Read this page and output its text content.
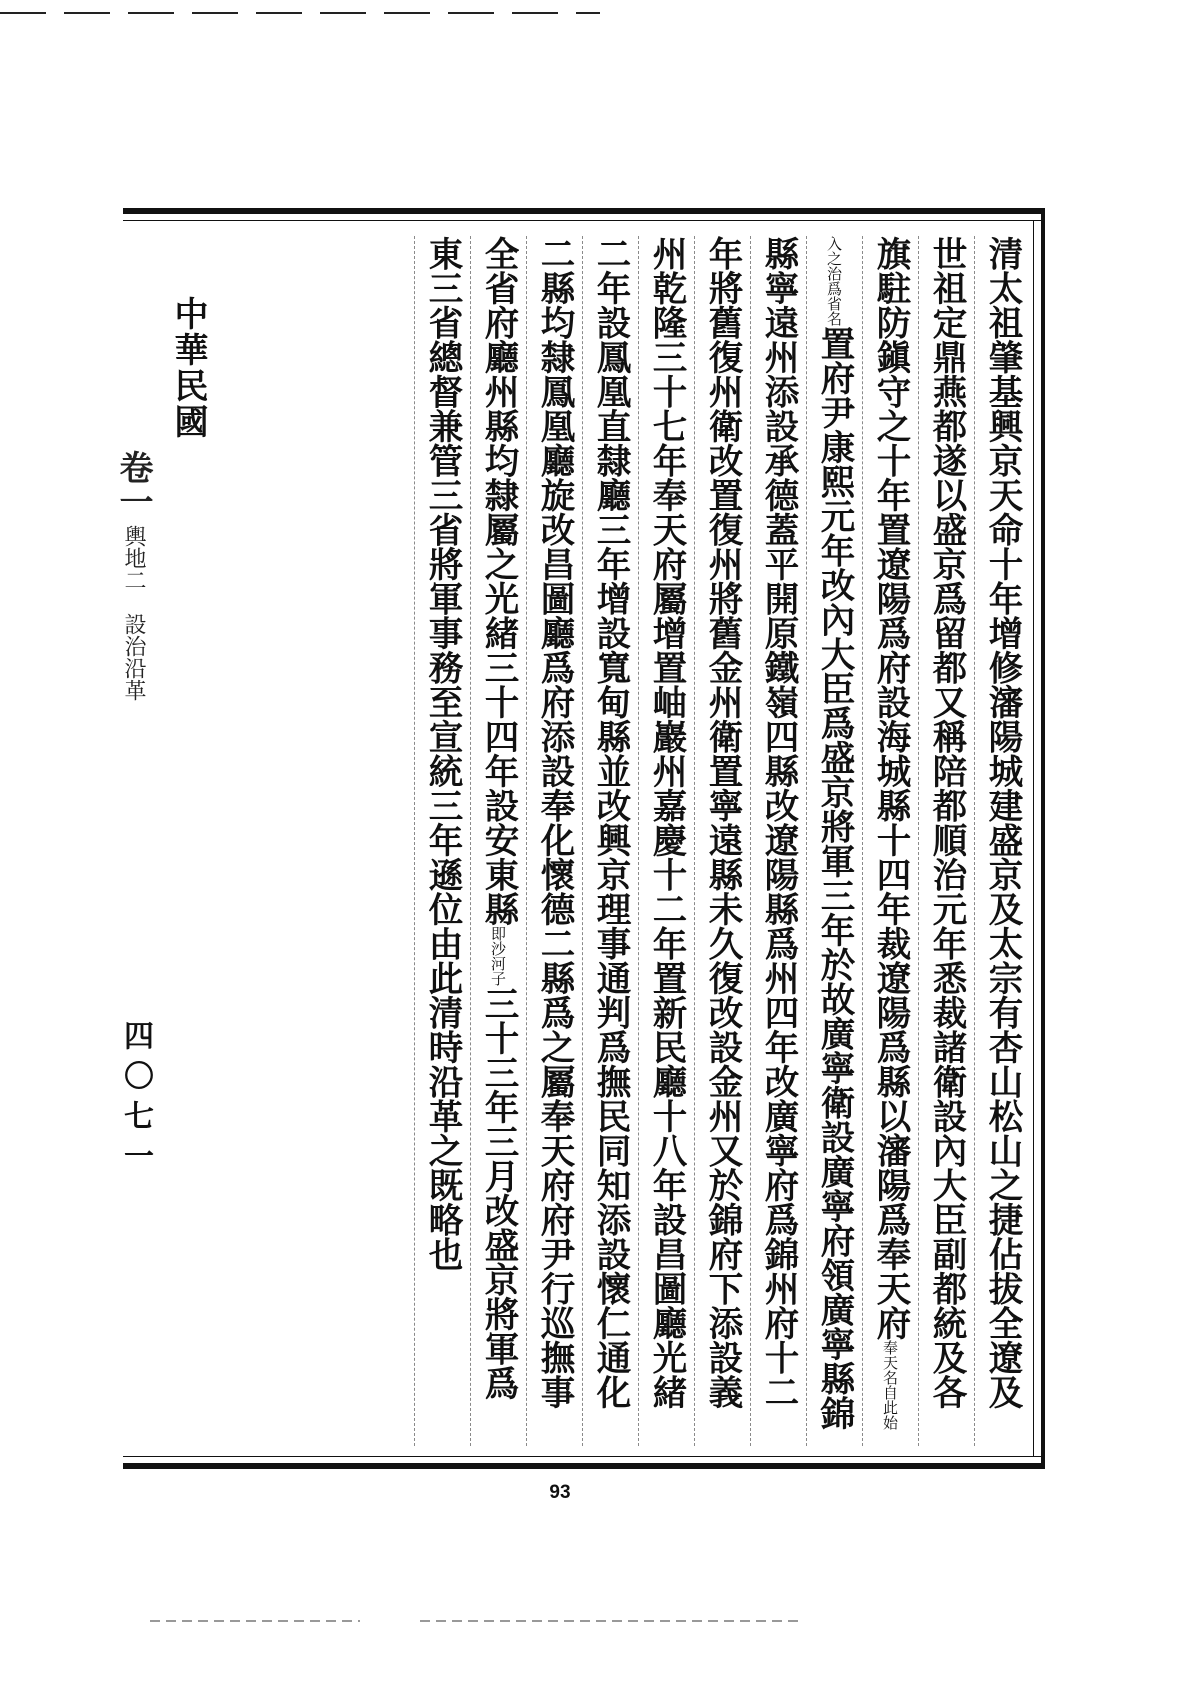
中華民國
卷一 輿地二　設治沿革
四〇七一	清太祖肇基興京天命十年增修瀋陽城建盛京及太宗有杏山松山之捷佔拔全遼及
世祖定鼎燕都遂以盛京爲留都又稱陪都順治元年悉裁諸衛設內大臣副都統及各
旗駐防鎭守之十年置遼陽爲府設海城縣十四年裁遼陽爲縣以瀋陽爲奉天府奉天名自此始
入之治爲省名置府尹康熙元年改內大臣爲盛京將軍三年於故廣寧衛設廣寧府領廣寧縣錦
縣寧遠州添設承德蓋平開原鐵嶺四縣改遼陽縣爲州四年改廣寧府爲錦州府十二
年將舊復州衛改置復州將舊金州衛置寧遠縣未久復改設金州又於錦府下添設義
州乾隆三十七年奉天府屬增置岫巖州嘉慶十二年置新民廳十八年設昌圖廳光緒
二年設鳳凰直隸廳三年增設寬甸縣並改興京理事通判爲撫民同知添設懷仁通化
二縣均隸鳳凰廳旋改昌圖廳爲府添設奉化懷德二縣爲之屬奉天府府尹行巡撫事
全省府廳州縣均隸屬之光緒三十四年設安東縣即沙河子三十三年三月改盛京將軍爲
東三省總督兼管三省將軍事務至宣統三年遜位由此清時沿革之既略也
93
